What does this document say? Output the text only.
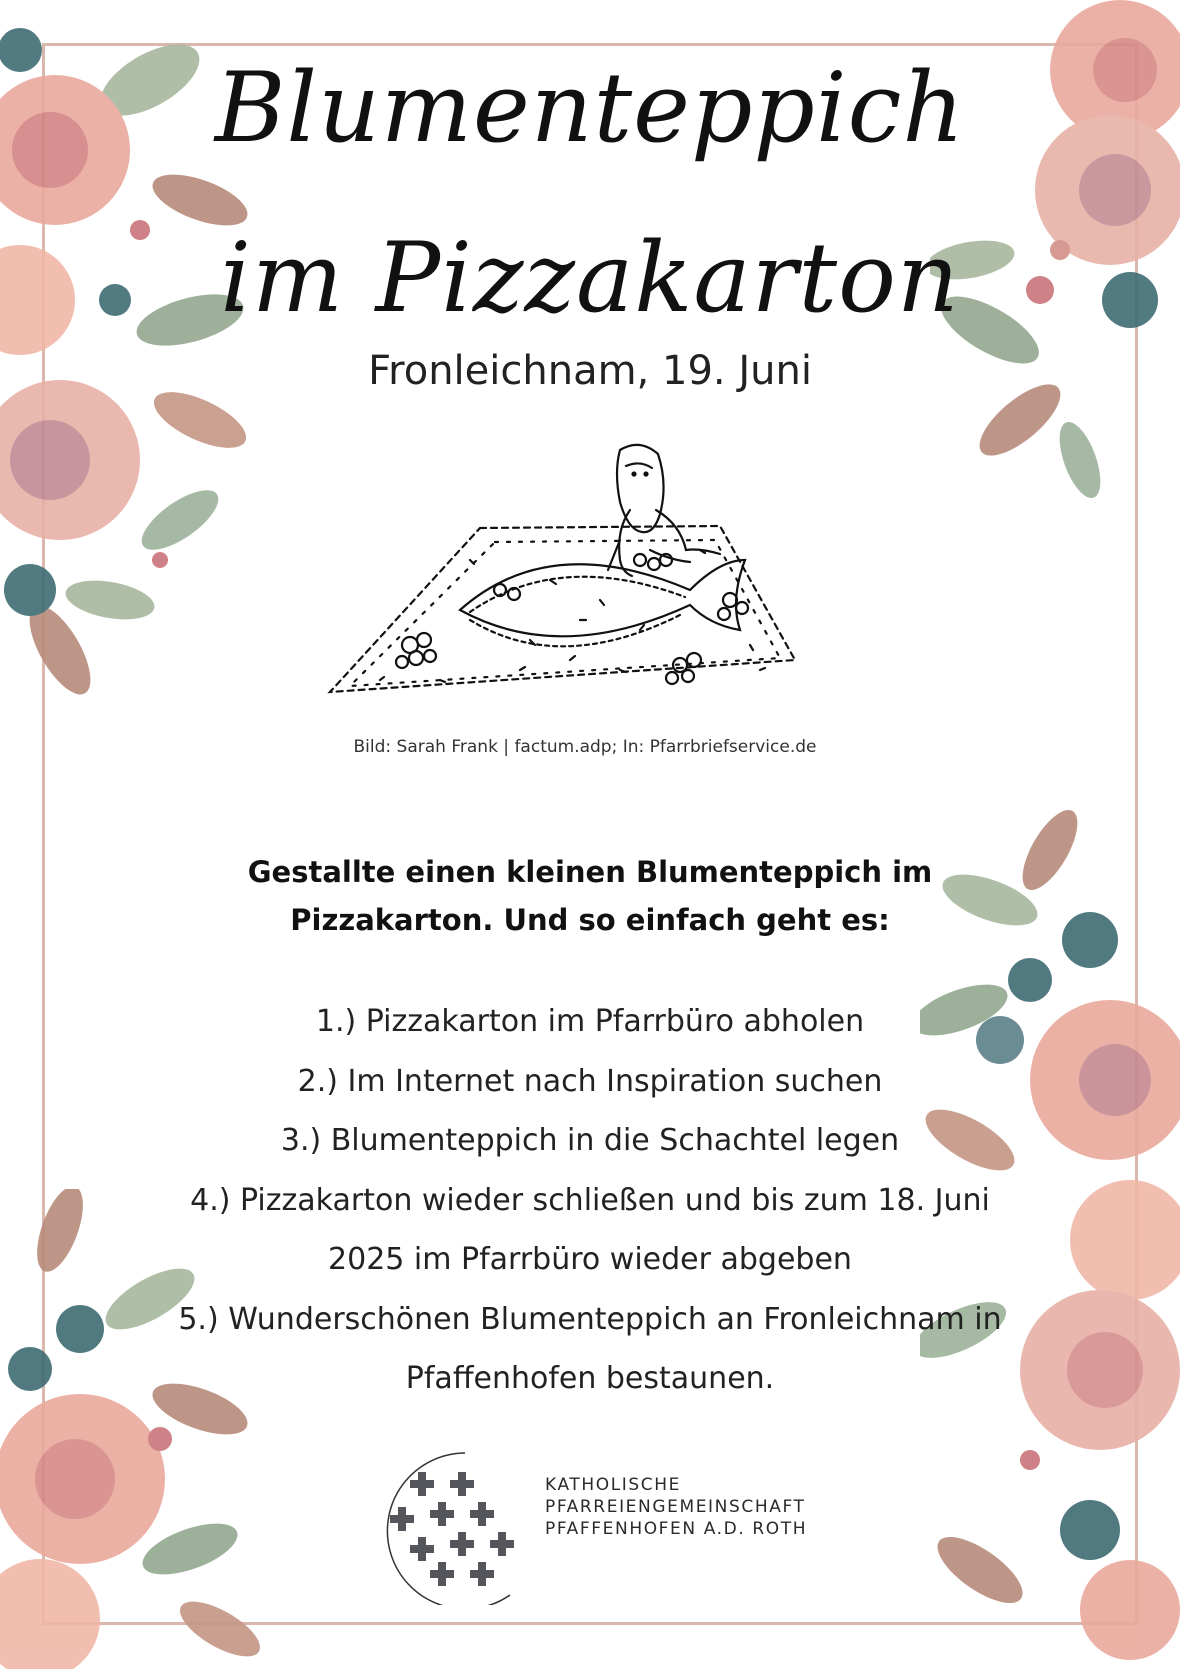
Blumenteppich
im Pizzakarton
Fronleichnam, 19. Juni
Bild: Sarah Frank | factum.adp; In: Pfarrbriefservice.de
Gestallte einen kleinen Blumenteppich im
Pizzakarton. Und so einfach geht es:
1.) Pizzakarton im Pfarrbüro abholen
2.) Im Internet nach Inspiration suchen
3.) Blumenteppich in die Schachtel legen
4.) Pizzakarton wieder schließen und bis zum 18. Juni
2025 im Pfarrbüro wieder abgeben
5.) Wunderschönen Blumenteppich an Fronleichnam in
Pfaffenhofen bestaunen.
KATHOLISCHE
PFARREIENGEMEINSCHAFT
PFAFFENHOFEN A.D. ROTH
